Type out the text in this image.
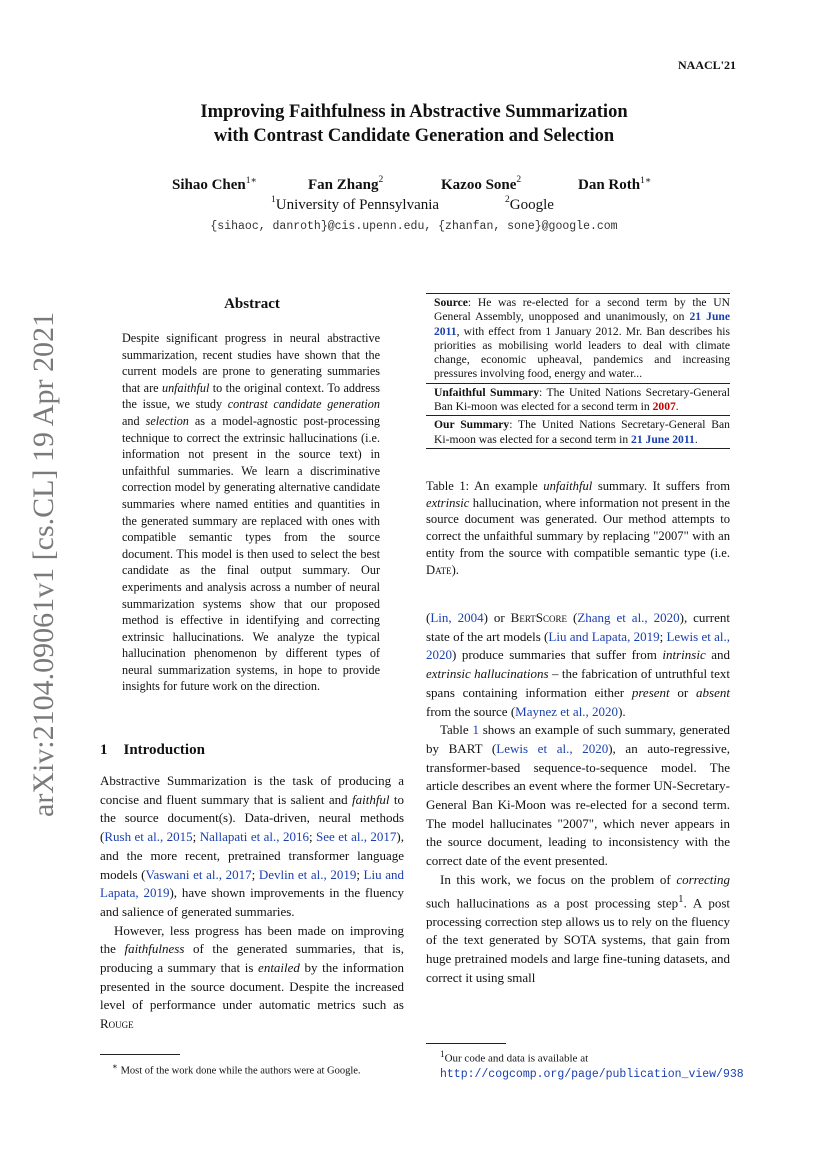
NAACL'21
arXiv:2104.09061v1 [cs.CL] 19 Apr 2021
Improving Faithfulness in Abstractive Summarization
with Contrast Candidate Generation and Selection
Sihao Chen$^{1∗}$	Fan Zhang$^2$	Kazoo Sone$^2$	Dan Roth$^{1∗}$
$^1$University of Pennsylvania	$^2$Google
{sihaoc, danroth}@cis.upenn.edu, {zhanfan, sone}@google.com
Abstract
Despite significant progress in neural abstractive summarization, recent studies have shown that the current models are prone to generating summaries that are unfaithful to the original context. To address the issue, we study contrast candidate generation and selection as a model-agnostic post-processing technique to correct the extrinsic hallucinations (i.e. information not present in the source text) in unfaithful summaries. We learn a discriminative correction model by generating alternative candidate summaries where named entities and quantities in the generated summary are replaced with ones with compatible semantic types from the source document. This model is then used to select the best candidate as the final output summary. Our experiments and analysis across a number of neural summarization systems show that our proposed method is effective in identifying and correcting extrinsic hallucinations. We analyze the typical hallucination phenomenon by different types of neural summarization systems, in hope to provide insights for future work on the direction.
1 Introduction

Abstractive Summarization is the task of producing a concise and fluent summary that is salient and faithful to the source document(s). Data-driven, neural methods (Rush et al., 2015; Nallapati et al., 2016; See et al., 2017), and the more recent, pretrained transformer language models (Vaswani et al., 2017; Devlin et al., 2019; Liu and Lapata, 2019), have shown improvements in the fluency and salience of generated summaries.

However, less progress has been made on improving the faithfulness of the generated summaries, that is, producing a summary that is entailed by the information presented in the source document. Despite the increased level of performance under automatic metrics such as Rouge

∗ Most of the work done while the authors were at Google.
Source: He was re-elected for a second term by the UN General Assembly, unopposed and unanimously, on 21 June 2011, with effect from 1 January 2012. Mr. Ban describes his priorities as mobilising world leaders to deal with climate change, economic upheaval, pandemics and increasing pressures involving food, energy and water...
Unfaithful Summary: The United Nations Secretary-General Ban Ki-moon was elected for a second term in 2007.
Our Summary: The United Nations Secretary-General Ban Ki-moon was elected for a second term in 21 June 2011.
Table 1: An example unfaithful summary. It suffers from extrinsic hallucination, where information not present in the source document was generated. Our method attempts to correct the unfaithful summary by replacing "2007" with an entity from the source with compatible semantic type (i.e. Date).

(Lin, 2004) or BertScore (Zhang et al., 2020), current state of the art models (Liu and Lapata, 2019; Lewis et al., 2020) produce summaries that suffer from intrinsic and extrinsic hallucinations – the fabrication of untruthful text spans containing information either present or absent from the source (Maynez et al., 2020).

Table 1 shows an example of such summary, generated by BART (Lewis et al., 2020), an auto-regressive, transformer-based sequence-to-sequence model. The article describes an event where the former UN-Secretary-General Ban Ki-Moon was re-elected for a second term. The model hallucinates "2007", which never appears in the source document, leading to inconsistency with the correct date of the event presented.

In this work, we focus on the problem of correcting such hallucinations as a post processing step$^1$. A post processing correction step allows us to rely on the fluency of the text generated by SOTA systems, that gain from huge pretrained models and large fine-tuning datasets, and correct it using small

$^1$Our code and data is available at http://cogcomp.org/page/publication_view/938
